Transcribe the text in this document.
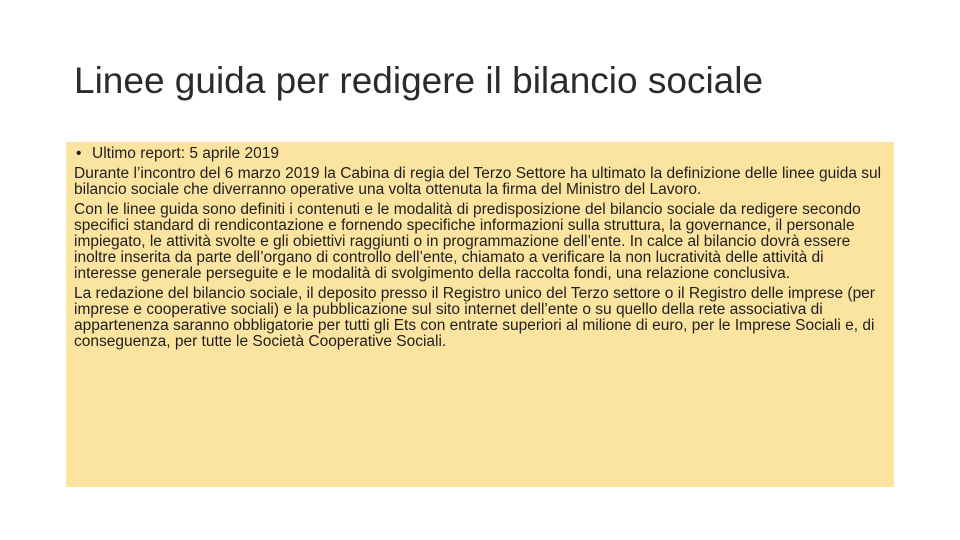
Linee guida per redigere il bilancio sociale
• Ultimo report: 5 aprile 2019

Durante l’incontro del 6 marzo 2019 la Cabina di regia del Terzo Settore ha ultimato la definizione delle linee guida sul bilancio sociale che diverranno operative una volta ottenuta la firma del Ministro del Lavoro.

Con le linee guida sono definiti i contenuti e le modalità di predisposizione del bilancio sociale da redigere secondo specifici standard di rendicontazione e fornendo specifiche informazioni sulla struttura, la governance, il personale impiegato, le attività svolte e gli obiettivi raggiunti o in programmazione dell’ente. In calce al bilancio dovrà essere inoltre inserita da parte dell’organo di controllo dell’ente, chiamato a verificare la non lucratività delle attività di interesse generale perseguite e le modalità di svolgimento della raccolta fondi, una relazione conclusiva.

La redazione del bilancio sociale, il deposito presso il Registro unico del Terzo settore o il Registro delle imprese (per imprese e cooperative sociali) e la pubblicazione sul sito internet dell’ente o su quello della rete associativa di appartenenza saranno obbligatorie per tutti gli Ets con entrate superiori al milione di euro, per le Imprese Sociali e, di conseguenza, per tutte le Società Cooperative Sociali.
